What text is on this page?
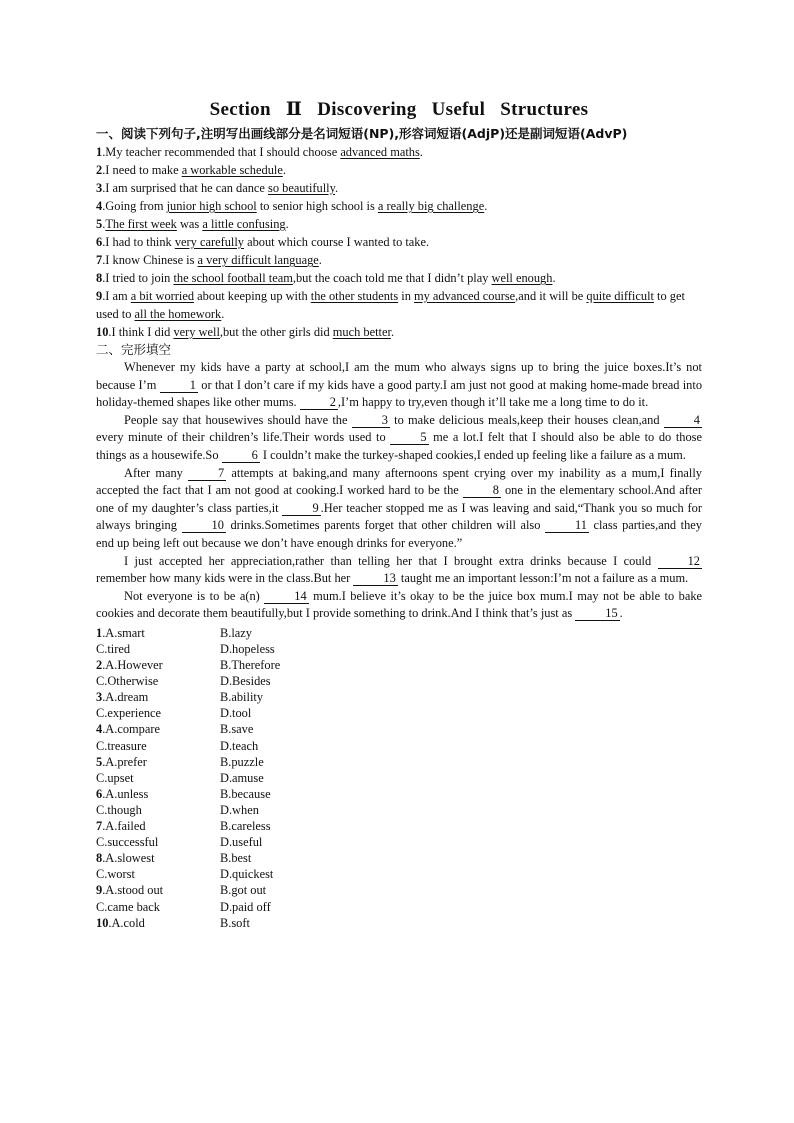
Section Ⅱ Discovering Useful Structures

一、阅读下列句子,注明写出画线部分是名词短语(NP),形容词短语(AdjP)还是副词短语(AdvP)

1.My teacher recommended that I should choose advanced maths.

2.I need to make a workable schedule.

3.I am surprised that he can dance so beautifully.

4.Going from junior high school to senior high school is a really big challenge.

5.The first week was a little confusing.

6.I had to think very carefully about which course I wanted to take.

7.I know Chinese is a very difficult language.

8.I tried to join the school football team,but the coach told me that I didn’t play well enough.

9.I am a bit worried about keeping up with the other students in my advanced course,and it will be quite difficult to get used to all the homework.

10.I think I did very well,but the other girls did much better.

二、完形填空

Whenever my kids have a party at school,I am the mum who always signs up to bring the juice boxes.It’s not because I’m 1 or that I don’t care if my kids have a good party.I am just not good at making home-made bread into holiday-themed shapes like other mums. 2 ,I’m happy to try,even though it’ll take me a long time to do it.

People say that housewives should have the 3 to make delicious meals,keep their houses clean,and 4 every minute of their children’s life.Their words used to 5 me a lot.I felt that I should also be able to do those things as a housewife.So 6 I couldn’t make the turkey-shaped cookies,I ended up feeling like a failure as a mum.

After many 7 attempts at baking,and many afternoons spent crying over my inability as a mum,I finally accepted the fact that I am not good at cooking.I worked hard to be the 8 one in the elementary school.And after one of my daughter’s class parties,it 9 .Her teacher stopped me as I was leaving and said,“Thank you so much for always bringing 10 drinks.Sometimes parents forget that other children will also 11 class parties,and they end up being left out because we don’t have enough drinks for everyone.”

I just accepted her appreciation,rather than telling her that I brought extra drinks because I could 12 remember how many kids were in the class.But her 13 taught me an important lesson:I’m not a failure as a mum.

Not everyone is to be a(n) 14 mum.I believe it’s okay to be the juice box mum.I may not be able to bake cookies and decorate them beautifully,but I provide something to drink.And I think that’s just as 15 .

1.A.smart	B.lazy
C.tired	D.hopeless
2.A.However	B.Therefore
C.Otherwise	D.Besides
3.A.dream	B.ability
C.experience	D.tool
4.A.compare	B.save
C.treasure	D.teach
5.A.prefer	B.puzzle
C.upset	D.amuse
6.A.unless	B.because
C.though	D.when
7.A.failed	B.careless
C.successful	D.useful
8.A.slowest	B.best
C.worst	D.quickest
9.A.stood out	B.got out
C.came back	D.paid off
10.A.cold	B.soft
